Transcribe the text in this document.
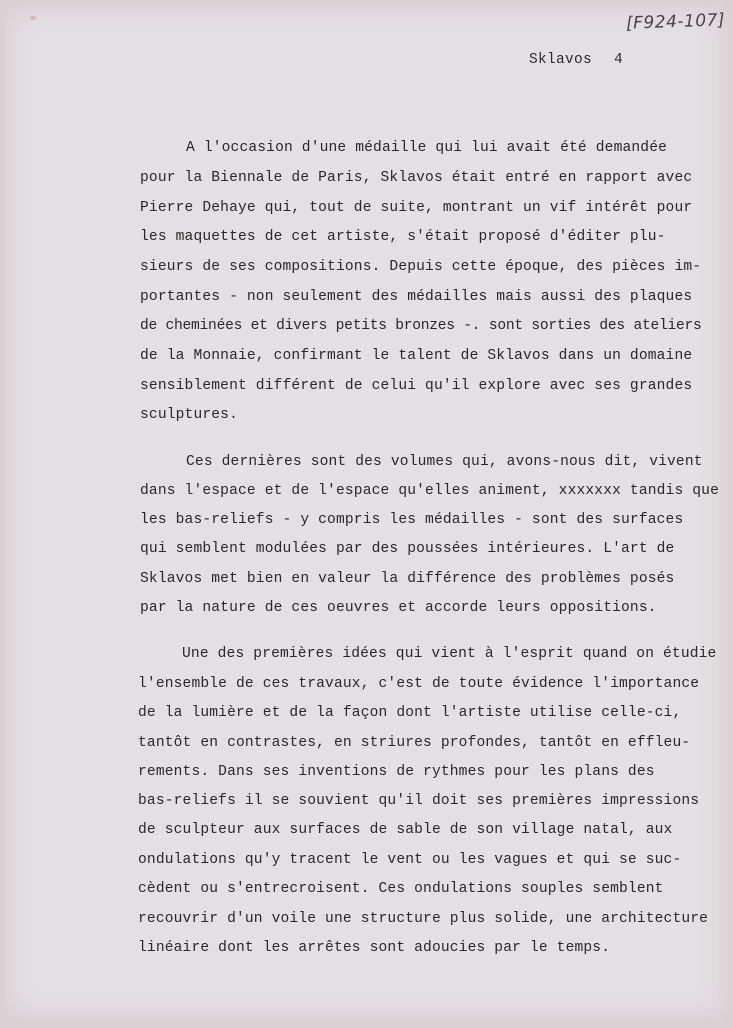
[F924-107]
Sklavos 4
A l'occasion d'une médaille qui lui avait été demandée
pour la Biennale de Paris, Sklavos était entré en rapport avec
Pierre Dehaye qui, tout de suite, montrant un vif intérêt pour
les maquettes de cet artiste, s'était proposé d'éditer plu-
sieurs de ses compositions. Depuis cette époque, des pièces im-
portantes - non seulement des médailles mais aussi des plaques
de cheminées et divers petits bronzes -. sont sorties des ateliers
de la Monnaie, confirmant le talent de Sklavos dans un domaine
sensiblement différent de celui qu'il explore avec ses grandes
sculptures.
Ces dernières sont des volumes qui, avons-nous dit, vivent
dans l'espace et de l'espace qu'elles animent, xxxxxxx tandis que
les bas-reliefs - y compris les médailles - sont des surfaces
qui semblent modulées par des poussées intérieures. L'art de
Sklavos met bien en valeur la différence des problèmes posés
par la nature de ces oeuvres et accorde leurs oppositions.
Une des premières idées qui vient à l'esprit quand on étudie
l'ensemble de ces travaux, c'est de toute évidence l'importance
de la lumière et de la façon dont l'artiste utilise celle-ci,
tantôt en contrastes, en striures profondes, tantôt en effleu-
rements. Dans ses inventions de rythmes pour les plans des
bas-reliefs il se souvient qu'il doit ses premières impressions
de sculpteur aux surfaces de sable de son village natal, aux
ondulations qu'y tracent le vent ou les vagues et qui se suc-
cèdent ou s'entrecroisent. Ces ondulations souples semblent
recouvrir d'un voile une structure plus solide, une architecture
linéaire dont les arrêtes sont adoucies par le temps.
